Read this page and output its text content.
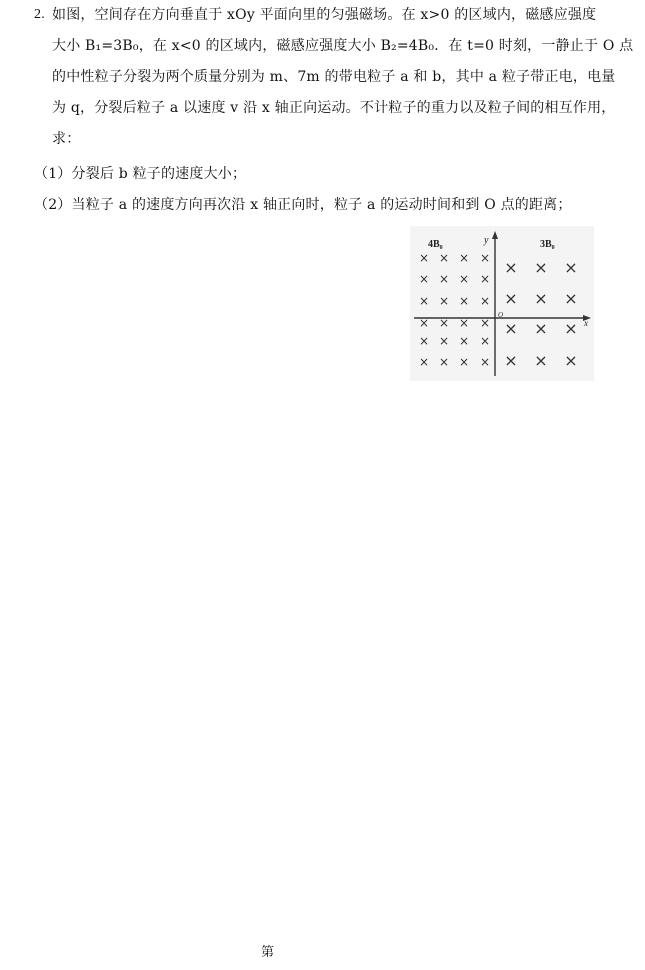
2. 如图，空间存在方向垂直于 xOy 平面向里的匀强磁场。在 x>0 的区域内，磁感应强度
大小 B₁=3B₀，在 x<0 的区域内，磁感应强度大小 B₂=4B₀．在 t=0 时刻，一静止于 O 点
的中性粒子分裂为两个质量分别为 m、7m 的带电粒子 a 和 b，其中 a 粒子带正电，电量
为 q，分裂后粒子 a 以速度 v 沿 x 轴正向运动。不计粒子的重力以及粒子间的相互作用，
求：
（1）分裂后 b 粒子的速度大小；
（2）当粒子 a 的速度方向再次沿 x 轴正向时，粒子 a 的运动时间和到 O 点的距离；
4B₀	3B₀
y
x
O
× × × ×
× × × ×
× × × ×
× × × ×
× × × ×
× × × ×
× × ×
× × ×
× × ×
× × ×
第
